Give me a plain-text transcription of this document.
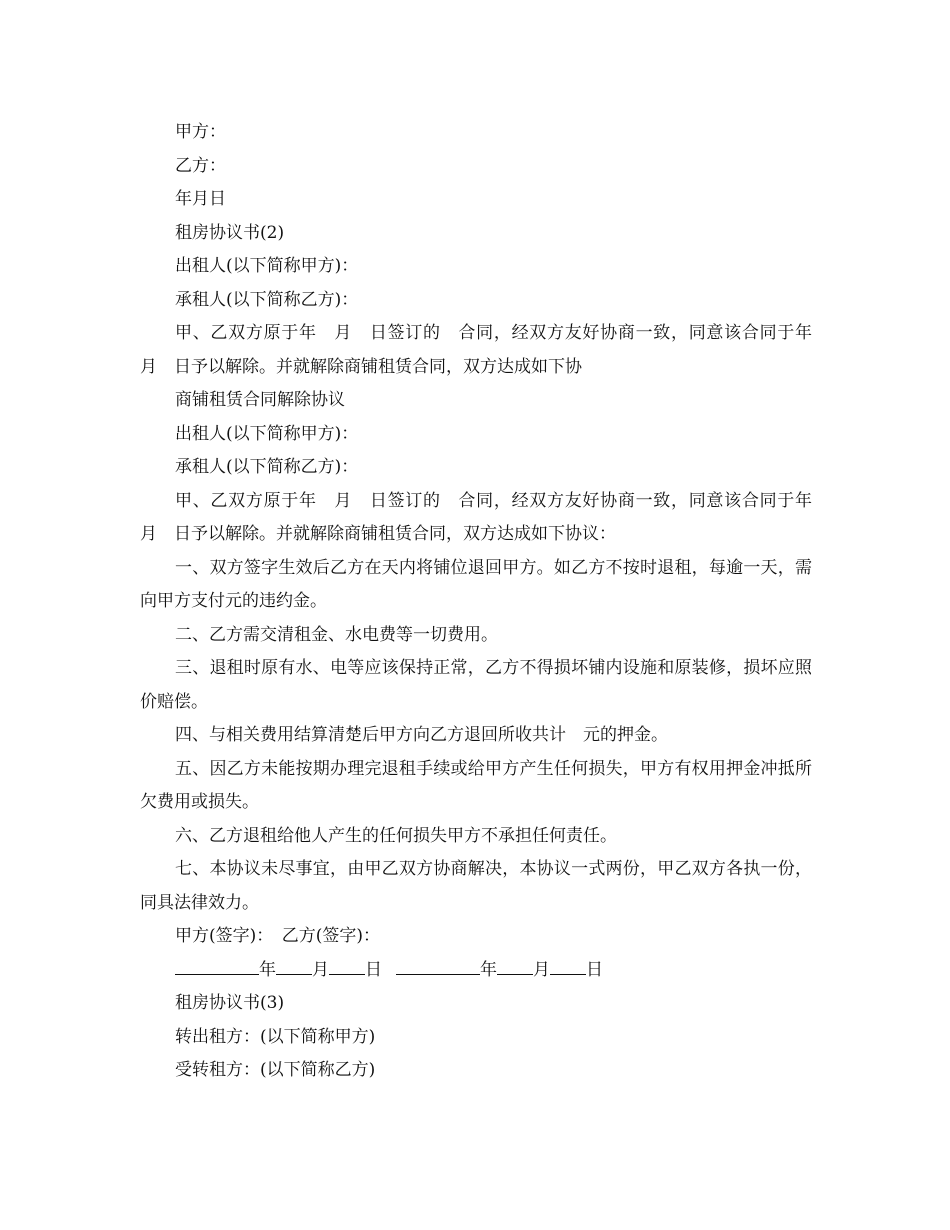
甲方：

乙方：

年月日

租房协议书(2)

出租人(以下简称甲方)：

承租人(以下简称乙方)：

甲、乙双方原于年　月　日签订的　合同，经双方友好协商一致，同意该合同于年　月　日予以解除。并就解除商铺租赁合同，双方达成如下协

商铺租赁合同解除协议

出租人(以下简称甲方)：

承租人(以下简称乙方)：

甲、乙双方原于年　月　日签订的　合同，经双方友好协商一致，同意该合同于年　月　日予以解除。并就解除商铺租赁合同，双方达成如下协议：

一、双方签字生效后乙方在天内将铺位退回甲方。如乙方不按时退租，每逾一天，需向甲方支付元的违约金。

二、乙方需交清租金、水电费等一切费用。

三、退租时原有水、电等应该保持正常，乙方不得损坏铺内设施和原装修，损坏应照价赔偿。

四、与相关费用结算清楚后甲方向乙方退回所收共计　元的押金。

五、因乙方未能按期办理完退租手续或给甲方产生任何损失，甲方有权用押金冲抵所欠费用或损失。

六、乙方退租给他人产生的任何损失甲方不承担任何责任。

七、本协议未尽事宜，由甲乙双方协商解决，本协议一式两份，甲乙双方各执一份，同具法律效力。

甲方(签字)：　乙方(签字)：

年 月 日	年 月 日

租房协议书(3)

转出租方：(以下简称甲方)

受转租方：(以下简称乙方)
